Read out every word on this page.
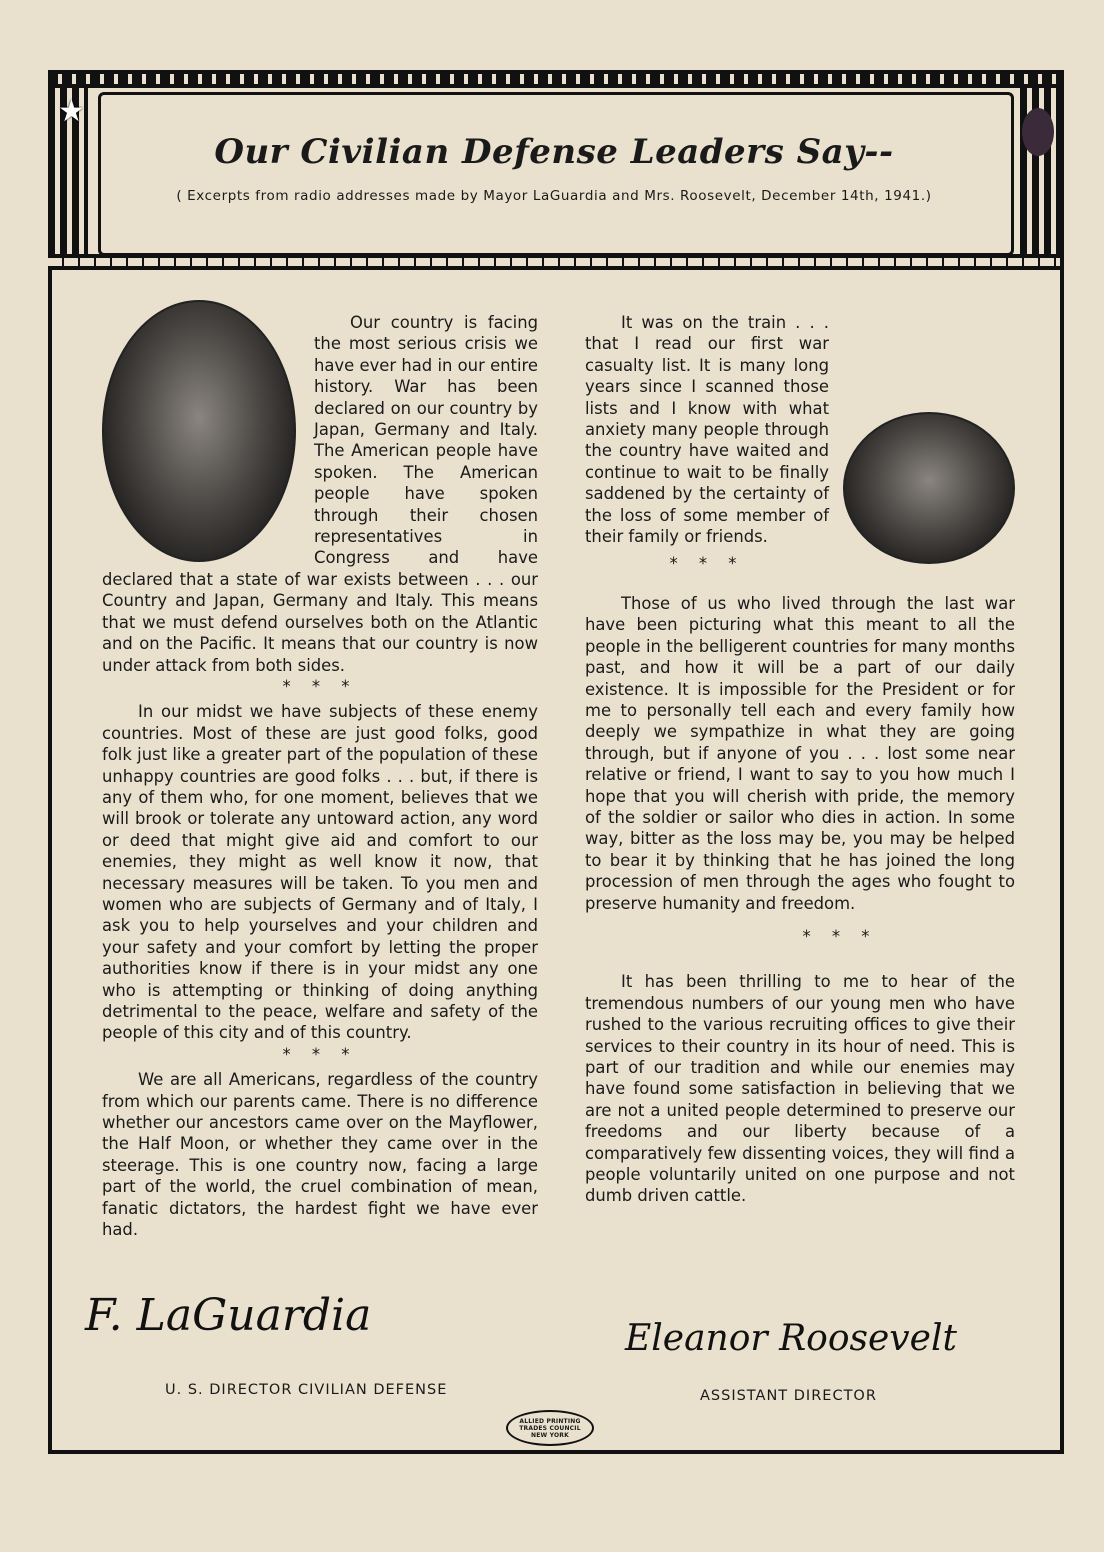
★
Our Civilian Defense Leaders Say--
( Excerpts from radio addresses made by Mayor LaGuardia and Mrs. Roosevelt, December 14th, 1941.)

Our country is facing the most serious crisis we have ever had in our entire history. War has been declared on our country by Japan, Germany and Italy. The American people have spoken. The American people have spoken through their chosen representatives in Congress and have declared that a state of war exists between . . . our Country and Japan, Germany and Italy. This means that we must defend ourselves both on the Atlantic and on the Pacific. It means that our country is now under attack from both sides.

* * *

In our midst we have subjects of these enemy countries. Most of these are just good folks, good folk just like a greater part of the population of these unhappy countries are good folks . . . but, if there is any of them who, for one moment, believes that we will brook or tolerate any untoward action, any word or deed that might give aid and comfort to our enemies, they might as well know it now, that necessary measures will be taken. To you men and women who are subjects of Germany and of Italy, I ask you to help yourselves and your children and your safety and your comfort by letting the proper authorities know if there is in your midst any one who is attempting or thinking of doing anything detrimental to the peace, welfare and safety of the people of this city and of this country.

* * *

We are all Americans, regardless of the country from which our parents came. There is no difference whether our ancestors came over on the Mayflower, the Half Moon, or whether they came over in the steerage. This is one country now, facing a large part of the world, the cruel combination of mean, fanatic dictators, the hardest fight we have ever had.

It was on the train . . . that I read our first war casualty list. It is many long years since I scanned those lists and I know with what anxiety many people through the country have waited and continue to wait to be finally saddened by the certainty of the loss of some member of their family or friends.

* * *

Those of us who lived through the last war have been picturing what this meant to all the people in the belligerent countries for many months past, and how it will be a part of our daily existence. It is impossible for the President or for me to personally tell each and every family how deeply we sympathize in what they are going through, but if anyone of you . . . lost some near relative or friend, I want to say to you how much I hope that you will cherish with pride, the memory of the soldier or sailor who dies in action. In some way, bitter as the loss may be, you may be helped to bear it by thinking that he has joined the long procession of men through the ages who fought to preserve humanity and freedom.

* * *

It has been thrilling to me to hear of the tremendous numbers of our young men who have rushed to the various recruiting offices to give their services to their country in its hour of need. This is part of our tradition and while our enemies may have found some satisfaction in believing that we are not a united people determined to preserve our freedoms and our liberty because of a comparatively few dissenting voices, they will find a people voluntarily united on one purpose and not dumb driven cattle.

F. LaGuardia
U. S. DIRECTOR CIVILIAN DEFENSE
Eleanor Roosevelt
ASSISTANT DIRECTOR
ALLIED PRINTING TRADES COUNCIL NEW YORK
